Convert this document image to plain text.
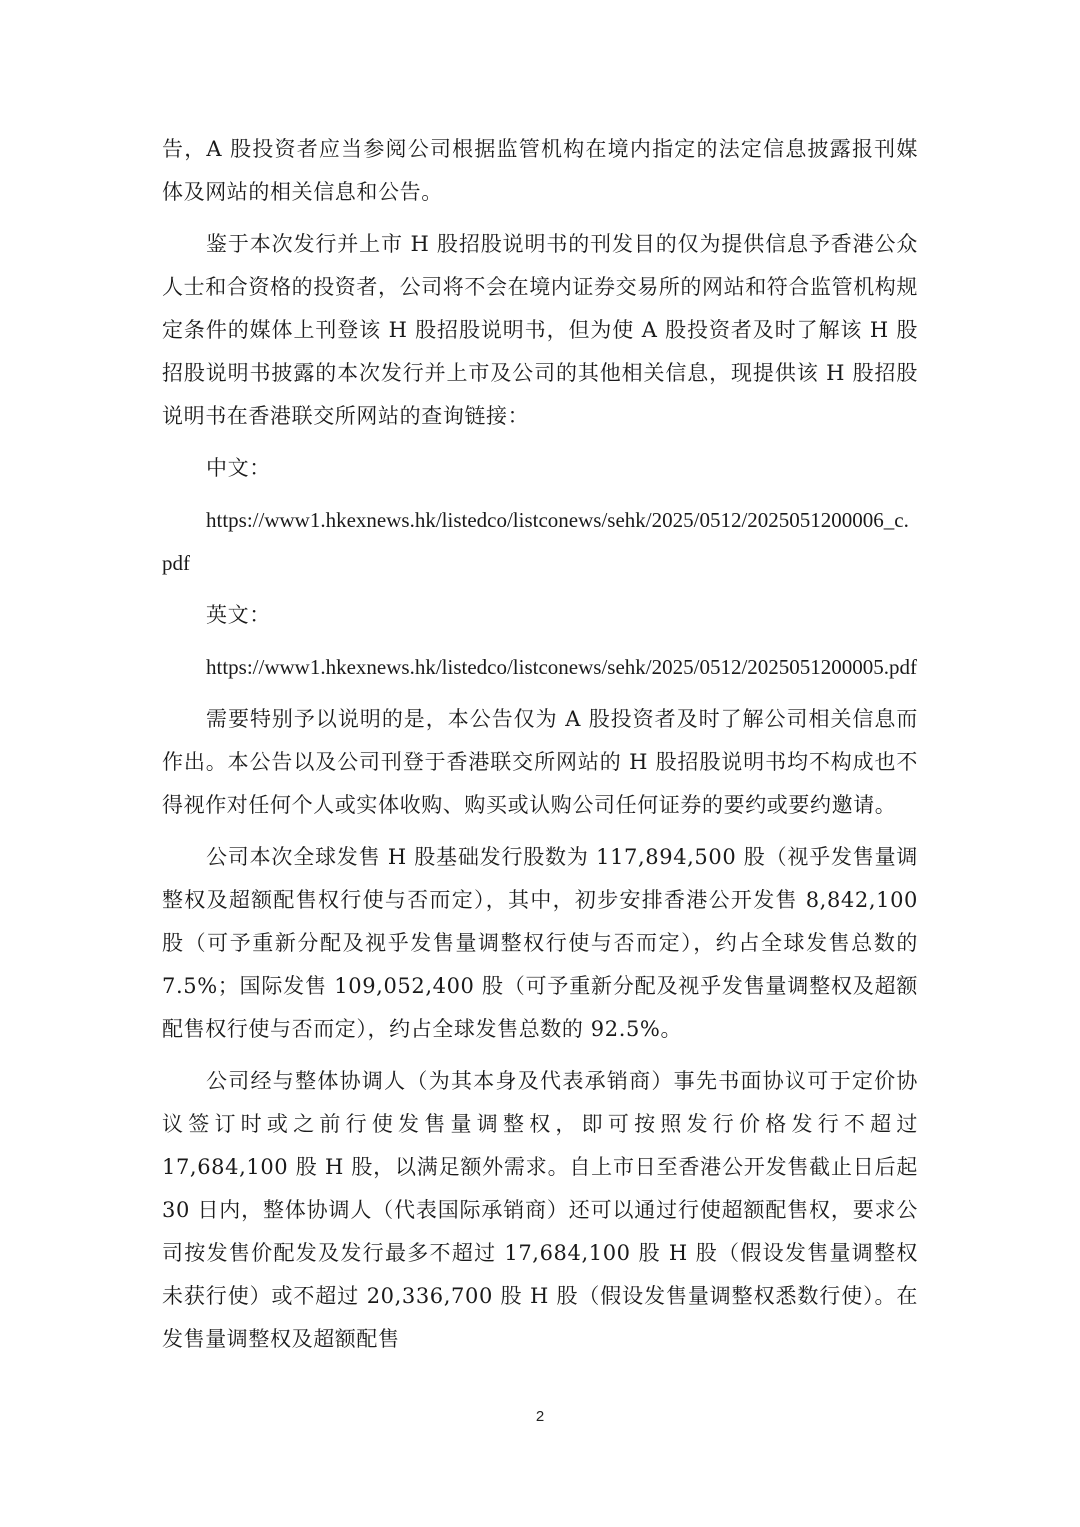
告，A 股投资者应当参阅公司根据监管机构在境内指定的法定信息披露报刊媒体及网站的相关信息和公告。

鉴于本次发行并上市 H 股招股说明书的刊发目的仅为提供信息予香港公众人士和合资格的投资者，公司将不会在境内证券交易所的网站和符合监管机构规定条件的媒体上刊登该 H 股招股说明书，但为使 A 股投资者及时了解该 H 股招股说明书披露的本次发行并上市及公司的其他相关信息，现提供该 H 股招股说明书在香港联交所网站的查询链接：

中文：

https://www1.hkexnews.hk/listedco/listconews/sehk/2025/0512/2025051200006_c.pdf

英文：

https://www1.hkexnews.hk/listedco/listconews/sehk/2025/0512/2025051200005.pdf

需要特别予以说明的是，本公告仅为 A 股投资者及时了解公司相关信息而作出。本公告以及公司刊登于香港联交所网站的 H 股招股说明书均不构成也不得视作对任何个人或实体收购、购买或认购公司任何证券的要约或要约邀请。

公司本次全球发售 H 股基础发行股数为 117,894,500 股（视乎发售量调整权及超额配售权行使与否而定），其中，初步安排香港公开发售 8,842,100 股（可予重新分配及视乎发售量调整权行使与否而定），约占全球发售总数的 7.5%；国际发售 109,052,400 股（可予重新分配及视乎发售量调整权及超额配售权行使与否而定），约占全球发售总数的 92.5%。

公司经与整体协调人（为其本身及代表承销商）事先书面协议可于定价协议签订时或之前行使发售量调整权，即可按照发行价格发行不超过 17,684,100 股 H 股，以满足额外需求。自上市日至香港公开发售截止日后起 30 日内，整体协调人（代表国际承销商）还可以通过行使超额配售权，要求公司按发售价配发及发行最多不超过 17,684,100 股 H 股（假设发售量调整权未获行使）或不超过 20,336,700 股 H 股（假设发售量调整权悉数行使）。在发售量调整权及超额配售

2
